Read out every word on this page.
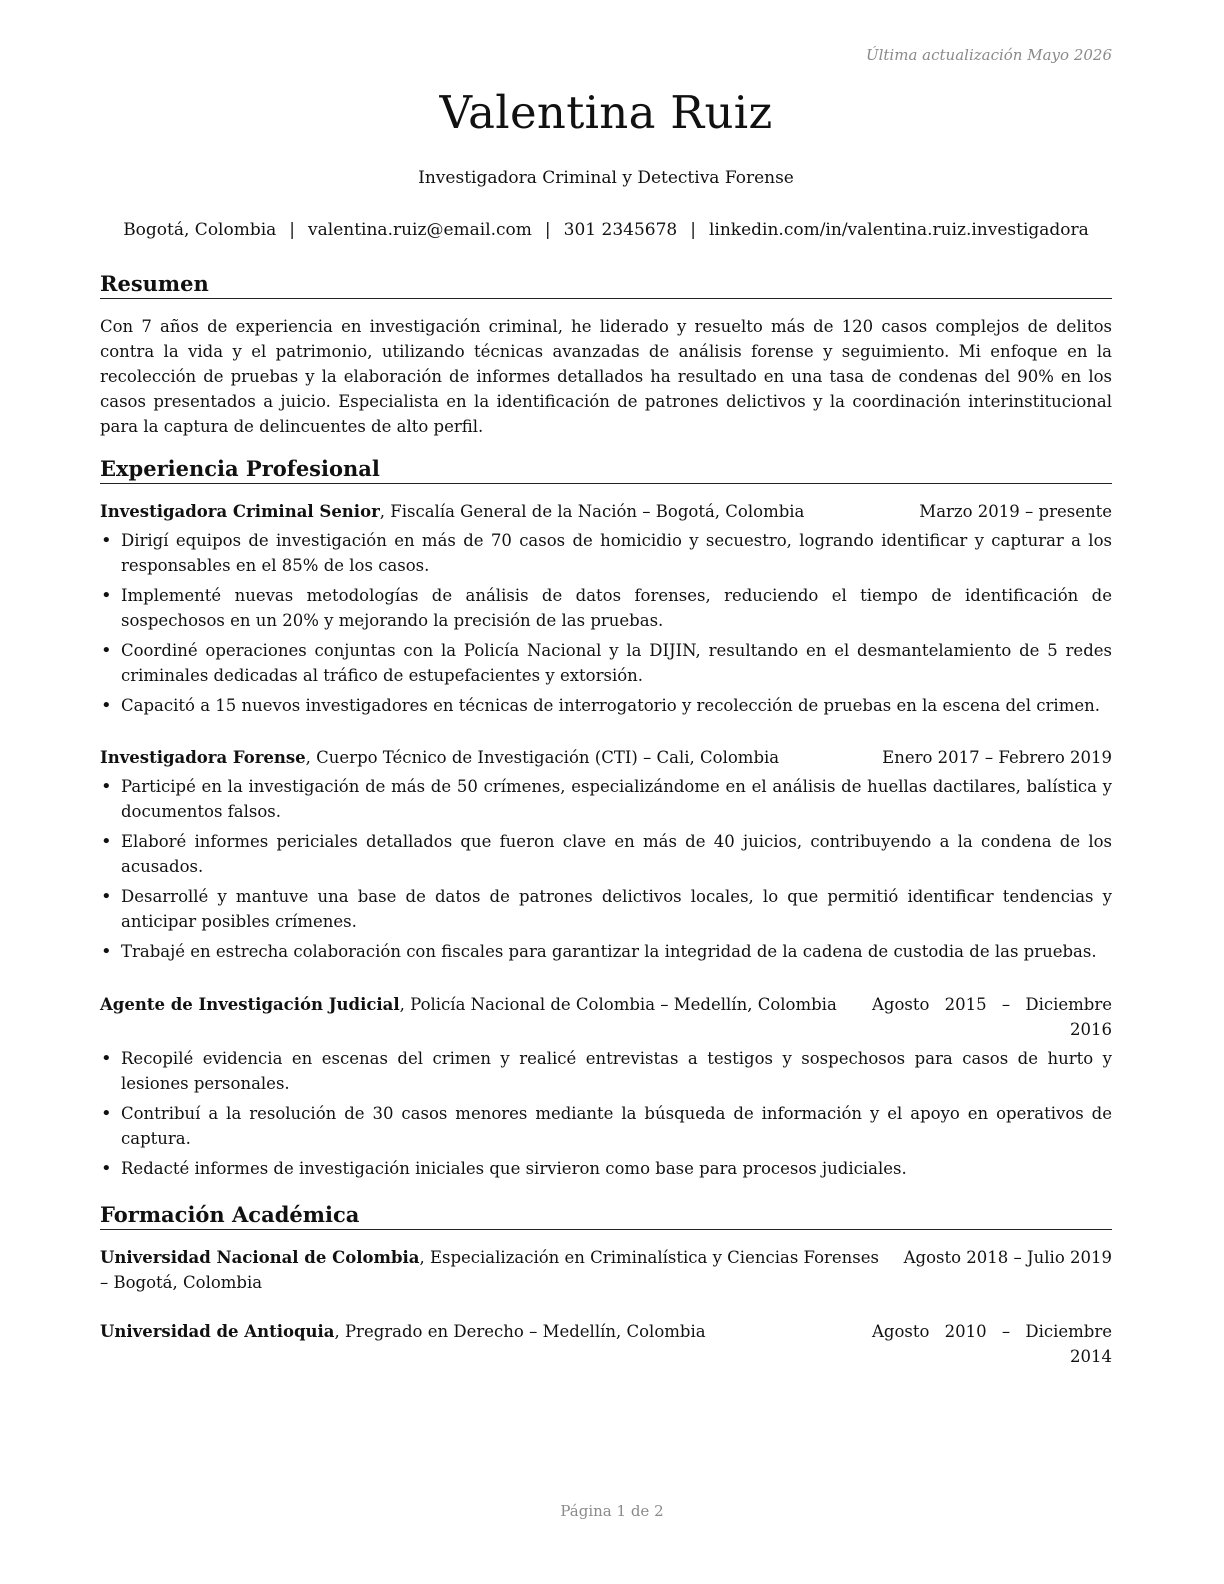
Última actualización Mayo 2026
Valentina Ruiz
Investigadora Criminal y Detectiva Forense
Bogotá, Colombia | valentina.ruiz@email.com | 301 2345678 | linkedin.com/in/valentina.ruiz.investigadora
Resumen
Con 7 años de experiencia en investigación criminal, he liderado y resuelto más de 120 casos complejos de delitos contra la vida y el patrimonio, utilizando técnicas avanzadas de análisis forense y seguimiento. Mi enfoque en la recolección de pruebas y la elaboración de informes detallados ha resultado en una tasa de condenas del 90% en los casos presentados a juicio. Especialista en la identificación de patrones delictivos y la coordinación interinstitucional para la captura de delincuentes de alto perfil.
Experiencia Profesional
Investigadora Criminal Senior, Fiscalía General de la Nación – Bogotá, Colombia	Marzo 2019 – presente
• Dirigí equipos de investigación en más de 70 casos de homicidio y secuestro, logrando identificar y capturar a los responsables en el 85% de los casos.
• Implementé nuevas metodologías de análisis de datos forenses, reduciendo el tiempo de identificación de sospechosos en un 20% y mejorando la precisión de las pruebas.
• Coordiné operaciones conjuntas con la Policía Nacional y la DIJIN, resultando en el desmantelamiento de 5 redes criminales dedicadas al tráfico de estupefacientes y extorsión.
• Capacitó a 15 nuevos investigadores en técnicas de interrogatorio y recolección de pruebas en la escena del crimen.
Investigadora Forense, Cuerpo Técnico de Investigación (CTI) – Cali, Colombia	Enero 2017 – Febrero 2019
• Participé en la investigación de más de 50 crímenes, especializándome en el análisis de huellas dactilares, balística y documentos falsos.
• Elaboré informes periciales detallados que fueron clave en más de 40 juicios, contribuyendo a la condena de los acusados.
• Desarrollé y mantuve una base de datos de patrones delictivos locales, lo que permitió identificar tendencias y anticipar posibles crímenes.
• Trabajé en estrecha colaboración con fiscales para garantizar la integridad de la cadena de custodia de las pruebas.
Agente de Investigación Judicial, Policía Nacional de Colombia – Medellín, Colombia	Agosto 2015 – Diciembre 2016
• Recopilé evidencia en escenas del crimen y realicé entrevistas a testigos y sospechosos para casos de hurto y lesiones personales.
• Contribuí a la resolución de 30 casos menores mediante la búsqueda de información y el apoyo en operativos de captura.
• Redacté informes de investigación iniciales que sirvieron como base para procesos judiciales.
Formación Académica
Universidad Nacional de Colombia, Especialización en Criminalística y Ciencias Forenses – Bogotá, Colombia
Agosto 2018 – Julio 2019
Universidad de Antioquia, Pregrado en Derecho – Medellín, Colombia	Agosto 2010 – Diciembre 2014
Página 1 de 2
